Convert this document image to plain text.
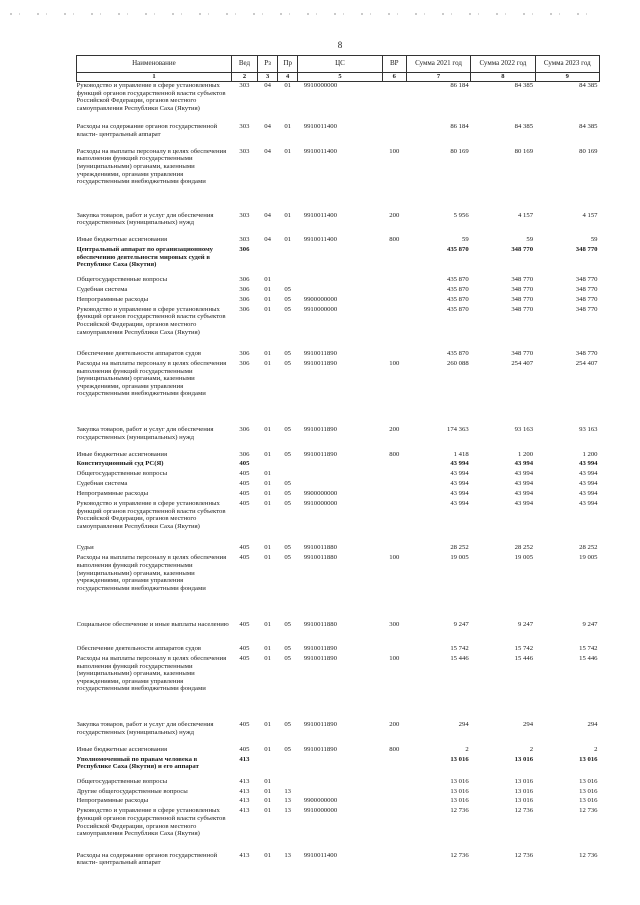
8
Наименование	Вед	Рз	Пр	ЦС	ВР	Сумма 2021 год	Сумма 2022 год	Сумма 2023 год
1	2	3	4	5	6	7	8	9
Руководство и управление в сфере установленных функций органов государственной власти субъектов Российской Федерации, органов местного самоуправления Республики Саха (Якутия)	303	04	01	9910000000		86 184	84 385	84 385
Расходы на содержание органов государственной власти- центральный аппарат	303	04	01	9910011400		86 184	84 385	84 385
Расходы на выплаты персоналу в целях обеспечения выполнения функций государственными (муниципальными) органами, казенными учреждениями, органами управления государственными внебюджетными фондами	303	04	01	9910011400	100	80 169	80 169	80 169
Закупка товаров, работ и услуг для обеспечения государственных (муниципальных) нужд	303	04	01	9910011400	200	5 956	4 157	4 157
Иные бюджетные ассигнования	303	04	01	9910011400	800	59	59	59
Центральный аппарат по организационному обеспечению деятельности мировых судей в Республике Саха (Якутия)	306					435 870	348 770	348 770
Общегосударственные вопросы	306	01				435 870	348 770	348 770
Судебная система	306	01	05			435 870	348 770	348 770
Непрограммные расходы	306	01	05	9900000000		435 870	348 770	348 770
Руководство и управление в сфере установленных функций органов государственной власти субъектов Российской Федерации, органов местного самоуправления Республики Саха (Якутия)	306	01	05	9910000000		435 870	348 770	348 770
Обеспечение деятельности аппаратов судов	306	01	05	9910011890		435 870	348 770	348 770
Расходы на выплаты персоналу в целях обеспечения выполнения функций государственными (муниципальными) органами, казенными учреждениями, органами управления государственными внебюджетными фондами	306	01	05	9910011890	100	260 088	254 407	254 407
Закупка товаров, работ и услуг для обеспечения государственных (муниципальных) нужд	306	01	05	9910011890	200	174 363	93 163	93 163
Иные бюджетные ассигнования	306	01	05	9910011890	800	1 418	1 200	1 200
Конституционный суд РС(Я)	405					43 994	43 994	43 994
Общегосударственные вопросы	405	01				43 994	43 994	43 994
Судебная система	405	01	05			43 994	43 994	43 994
Непрограммные расходы	405	01	05	9900000000		43 994	43 994	43 994
Руководство и управление в сфере установленных функций органов государственной власти субъектов Российской Федерации, органов местного самоуправления Республики Саха (Якутия)	405	01	05	9910000000		43 994	43 994	43 994
Судьи	405	01	05	9910011880		28 252	28 252	28 252
Расходы на выплаты персоналу в целях обеспечения выполнения функций государственными (муниципальными) органами, казенными учреждениями, органами управления государственными внебюджетными фондами	405	01	05	9910011880	100	19 005	19 005	19 005
Социальное обеспечение и иные выплаты населению	405	01	05	9910011880	300	9 247	9 247	9 247
Обеспечение деятельности аппаратов судов	405	01	05	9910011890		15 742	15 742	15 742
Расходы на выплаты персоналу в целях обеспечения выполнения функций государственными (муниципальными) органами, казенными учреждениями, органами управления государственными внебюджетными фондами	405	01	05	9910011890	100	15 446	15 446	15 446
Закупка товаров, работ и услуг для обеспечения государственных (муниципальных) нужд	405	01	05	9910011890	200	294	294	294
Иные бюджетные ассигнования	405	01	05	9910011890	800	2	2	2
Уполномоченный по правам человека в Республике Саха (Якутия) и его аппарат	413					13 016	13 016	13 016
Общегосударственные вопросы	413	01				13 016	13 016	13 016
Другие общегосударственные вопросы	413	01	13			13 016	13 016	13 016
Непрограммные расходы	413	01	13	9900000000		13 016	13 016	13 016
Руководство и управление в сфере установленных функций органов государственной власти субъектов Российской Федерации, органов местного самоуправления Республики Саха (Якутия)	413	01	13	9910000000		12 736	12 736	12 736
Расходы на содержание органов государственной власти- центральный аппарат	413	01	13	9910011400		12 736	12 736	12 736
